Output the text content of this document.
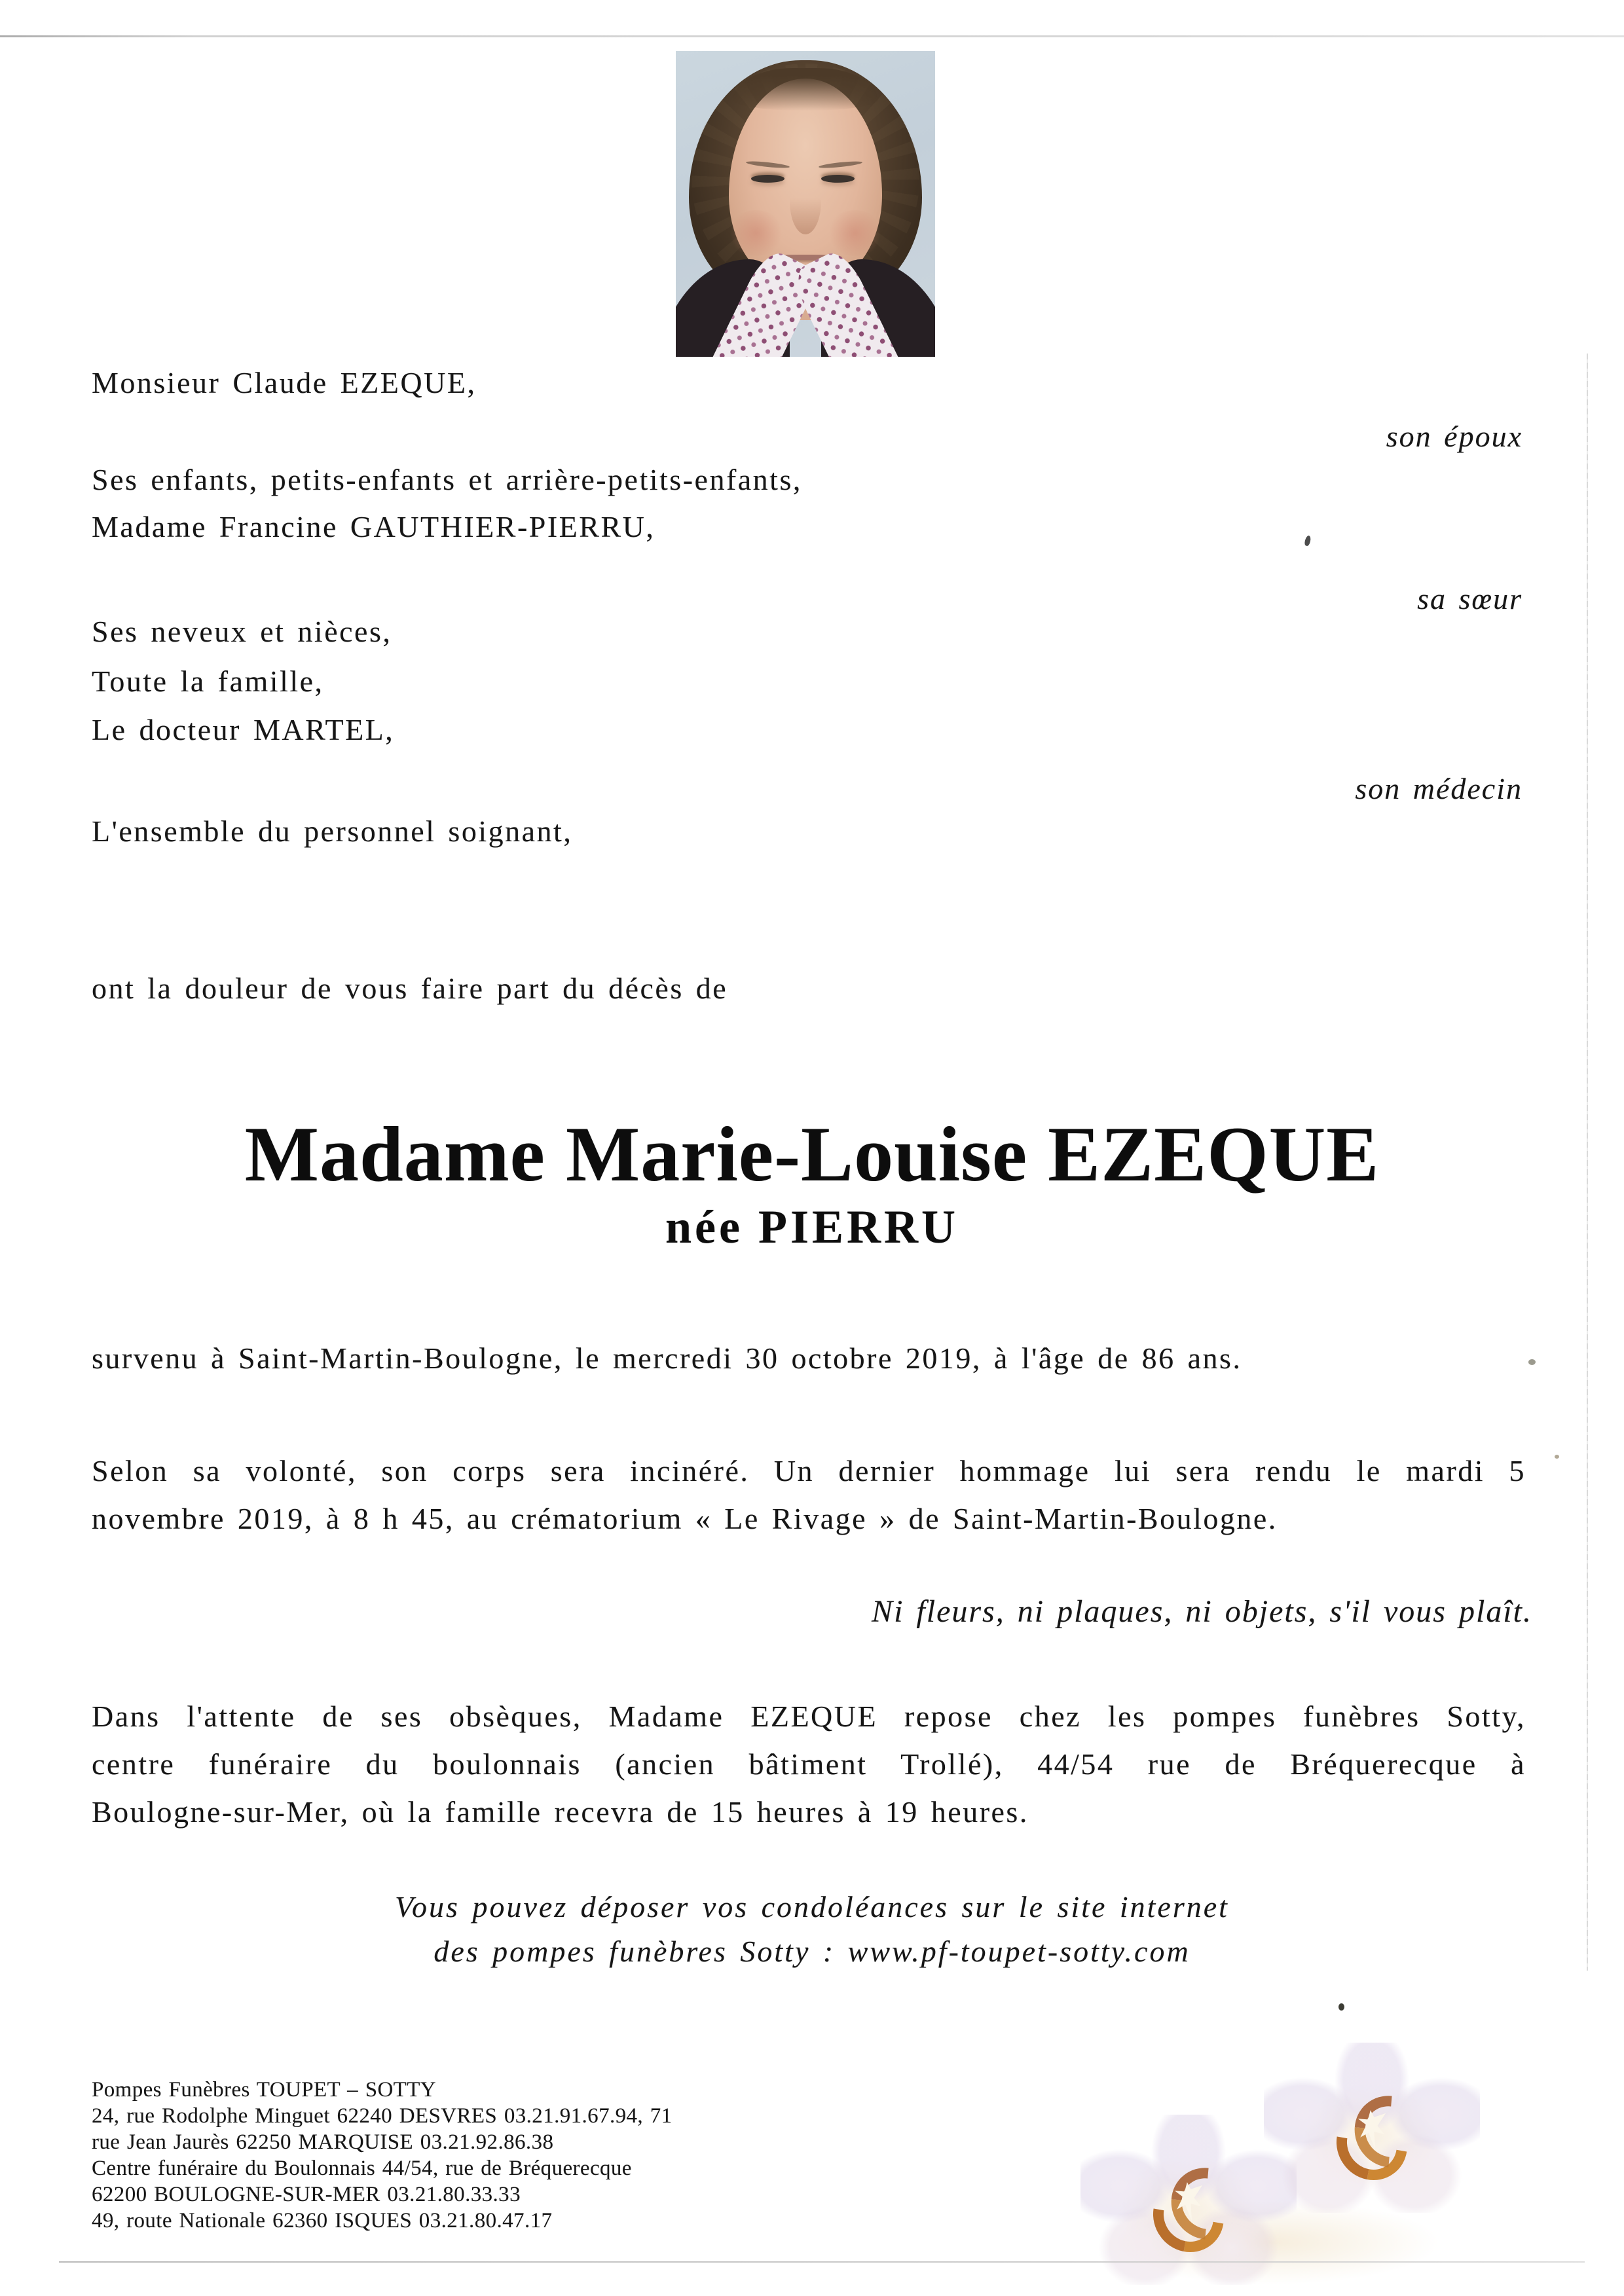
Monsieur Claude EZEQUE,
son époux
Ses enfants, petits-enfants et arrière-petits-enfants,
Madame Francine GAUTHIER-PIERRU,
sa sœur
Ses neveux et nièces,
Toute la famille,
Le docteur MARTEL,
son médecin
L'ensemble du personnel soignant,
ont la douleur de vous faire part du décès de
Madame Marie-Louise EZEQUE
née PIERRU
survenu à Saint-Martin-Boulogne, le mercredi 30 octobre 2019, à l'âge de 86 ans.
Selon sa volonté, son corps sera incinéré. Un dernier hommage lui sera rendu le mardi 5
novembre 2019, à 8 h 45, au crématorium « Le Rivage » de Saint-Martin-Boulogne.
Ni fleurs, ni plaques, ni objets, s'il vous plaît.
Dans l'attente de ses obsèques, Madame EZEQUE repose chez les pompes funèbres Sotty,
centre funéraire du boulonnais (ancien bâtiment Trollé), 44/54 rue de Bréquerecque à
Boulogne-sur-Mer, où la famille recevra de 15 heures à 19 heures.
Vous pouvez déposer vos condoléances sur le site internet
des pompes funèbres Sotty : www.pf-toupet-sotty.com
Pompes Funèbres TOUPET – SOTTY
24, rue Rodolphe Minguet 62240 DESVRES 03.21.91.67.94, 71
rue Jean Jaurès 62250 MARQUISE 03.21.92.86.38
Centre funéraire du Boulonnais 44/54, rue de Bréquerecque
62200 BOULOGNE-SUR-MER 03.21.80.33.33
49, route Nationale 62360 ISQUES 03.21.80.47.17
